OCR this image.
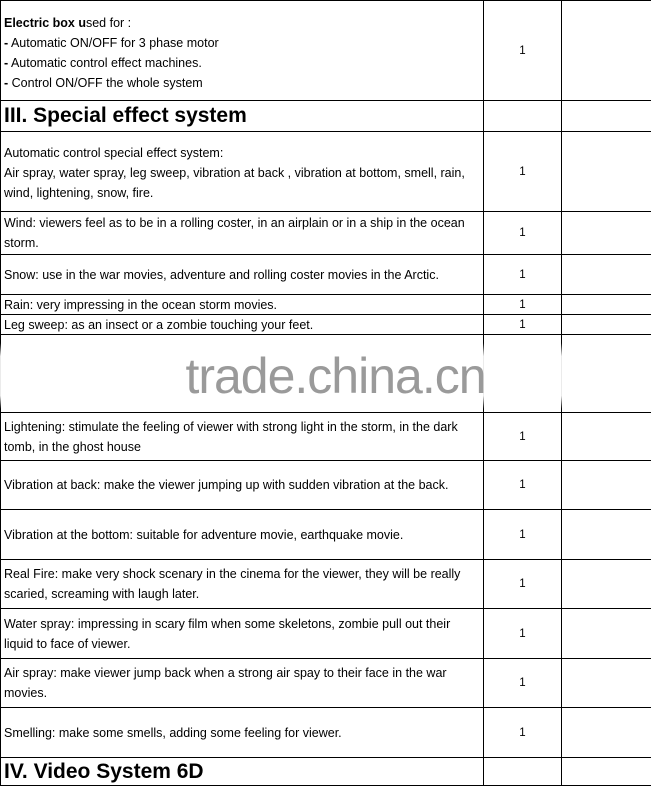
Electric box used for :
- Automatic ON/OFF for 3 phase motor
- Automatic control effect machines.
- Control ON/OFF the whole system	1	
III. Special effect system		

Automatic control special effect system:
Air spray, water spray, leg sweep, vibration at back , vibration at bottom, smell, rain, wind, lightening, snow, fire.	1	
Wind: viewers feel as to be in a rolling coster, in an airplain or in a ship in the ocean storm.	1	
Snow: use in the war movies, adventure and rolling coster movies in the Arctic.	1	
Rain: very impressing in the ocean storm movies.	1	
Leg sweep: as an insect or a zombie touching your feet.	1	

Lightening: stimulate the feeling of viewer with strong light in the storm, in the dark tomb, in the ghost house	1	
Vibration at back: make the viewer jumping up with sudden vibration at the back.	1	
Vibration at the bottom: suitable for adventure movie, earthquake movie.	1	
Real Fire: make very shock scenary in the cinema for the viewer, they will be really scaried, screaming with laugh later.	1	
Water spray: impressing in scary film when some skeletons, zombie pull out their liquid to face of viewer.	1	
Air spray: make viewer jump back when a strong air spay to their face in the war movies.	1	
Smelling: make some smells, adding some feeling for viewer.	1	
IV. Video System 6D		
trade.china.cn
